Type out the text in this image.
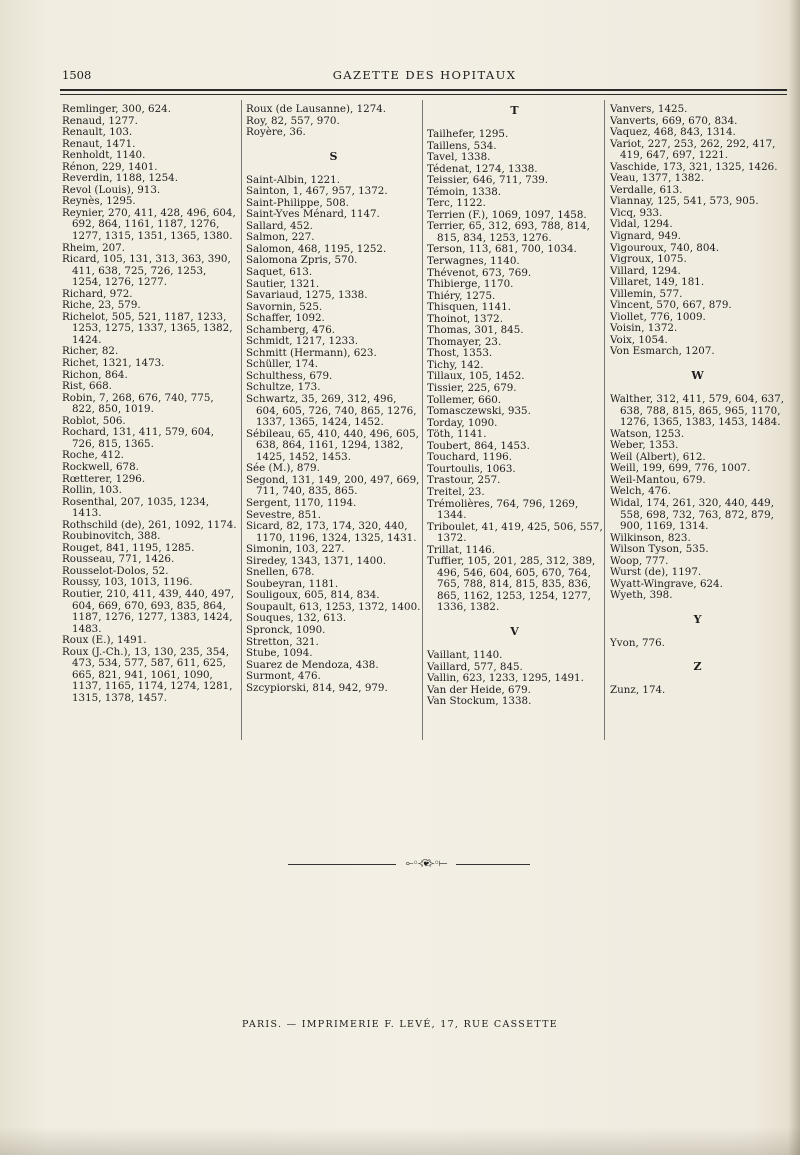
1508	GAZETTE DES HOPITAUX
Remlinger, 300, 624.
Renaud, 1277.
Renault, 103.
Renaut, 1471.
Renholdt, 1140.
Rénon, 229, 1401.
Reverdin, 1188, 1254.
Revol (Louis), 913.
Reynès, 1295.
Reynier, 270, 411, 428, 496, 604, 692, 864, 1161, 1187, 1276, 1277, 1315, 1351, 1365, 1380.
Rheim, 207.
Ricard, 105, 131, 313, 363, 390, 411, 638, 725, 726, 1253, 1254, 1276, 1277.
Richard, 972.
Riche, 23, 579.
Richelot, 505, 521, 1187, 1233, 1253, 1275, 1337, 1365, 1382, 1424.
Richer, 82.
Richet, 1321, 1473.
Richon, 864.
Rist, 668.
Robin, 7, 268, 676, 740, 775, 822, 850, 1019.
Roblot, 506.
Rochard, 131, 411, 579, 604, 726, 815, 1365.
Roche, 412.
Rockwell, 678.
Rœtterer, 1296.
Rollin, 103.
Rosenthal, 207, 1035, 1234, 1413.
Rothschild (de), 261, 1092, 1174.
Roubinovitch, 388.
Rouget, 841, 1195, 1285.
Rousseau, 771, 1426.
Rousselot-Dolos, 52.
Roussy, 103, 1013, 1196.
Routier, 210, 411, 439, 440, 497, 604, 669, 670, 693, 835, 864, 1187, 1276, 1277, 1383, 1424, 1483.
Roux (E.), 1491.
Roux (J.-Ch.), 13, 130, 235, 354, 473, 534, 577, 587, 611, 625, 665, 821, 941, 1061, 1090, 1137, 1165, 1174, 1274, 1281, 1315, 1378, 1457.
Roux (de Lausanne), 1274.
Roy, 82, 557, 970.
Royère, 36.
S
Saint-Albin, 1221.
Sainton, 1, 467, 957, 1372.
Saint-Philippe, 508.
Saint-Yves Ménard, 1147.
Sallard, 452.
Salmon, 227.
Salomon, 468, 1195, 1252.
Salomona Zpris, 570.
Saquet, 613.
Sautier, 1321.
Savariaud, 1275, 1338.
Savornin, 525.
Schaffer, 1092.
Schamberg, 476.
Schmidt, 1217, 1233.
Schmitt (Hermann), 623.
Schüller, 174.
Schulthess, 679.
Schultze, 173.
Schwartz, 35, 269, 312, 496, 604, 605, 726, 740, 865, 1276, 1337, 1365, 1424, 1452.
Sébileau, 65, 410, 440, 496, 605, 638, 864, 1161, 1294, 1382, 1425, 1452, 1453.
Sée (M.), 879.
Segond, 131, 149, 200, 497, 669, 711, 740, 835, 865.
Sergent, 1170, 1194.
Sevestre, 851.
Sicard, 82, 173, 174, 320, 440, 1170, 1196, 1324, 1325, 1431.
Simonin, 103, 227.
Siredey, 1343, 1371, 1400.
Snellen, 678.
Soubeyran, 1181.
Souligoux, 605, 814, 834.
Soupault, 613, 1253, 1372, 1400.
Souques, 132, 613.
Spronck, 1090.
Stretton, 321.
Stube, 1094.
Suarez de Mendoza, 438.
Surmont, 476.
Szcypiorski, 814, 942, 979.
T
Tailhefer, 1295.
Taillens, 534.
Tavel, 1338.
Tédenat, 1274, 1338.
Teissier, 646, 711, 739.
Témoin, 1338.
Terc, 1122.
Terrien (F.), 1069, 1097, 1458.
Terrier, 65, 312, 693, 788, 814, 815, 834, 1253, 1276.
Terson, 113, 681, 700, 1034.
Terwagnes, 1140.
Thévenot, 673, 769.
Thibierge, 1170.
Thiéry, 1275.
Thisquen, 1141.
Thoinot, 1372.
Thomas, 301, 845.
Thomayer, 23.
Thost, 1353.
Tichy, 142.
Tillaux, 105, 1452.
Tissier, 225, 679.
Tollemer, 660.
Tomasczewski, 935.
Torday, 1090.
Töth, 1141.
Toubert, 864, 1453.
Touchard, 1196.
Tourtoulis, 1063.
Trastour, 257.
Treitel, 23.
Trémolières, 764, 796, 1269, 1344.
Triboulet, 41, 419, 425, 506, 557, 1372.
Trillat, 1146.
Tuffier, 105, 201, 285, 312, 389, 496, 546, 604, 605, 670, 764, 765, 788, 814, 815, 835, 836, 865, 1162, 1253, 1254, 1277, 1336, 1382.
V
Vaillant, 1140.
Vaillard, 577, 845.
Vallin, 623, 1233, 1295, 1491.
Van der Heide, 679.
Van Stockum, 1338.
Vanvers, 1425.
Vanverts, 669, 670, 834.
Vaquez, 468, 843, 1314.
Variot, 227, 253, 262, 292, 417, 419, 647, 697, 1221.
Vaschide, 173, 321, 1325, 1426.
Veau, 1377, 1382.
Verdalle, 613.
Viannay, 125, 541, 573, 905.
Vicq, 933.
Vidal, 1294.
Vignard, 949.
Vigouroux, 740, 804.
Vigroux, 1075.
Villard, 1294.
Villaret, 149, 181.
Villemin, 577.
Vincent, 570, 667, 879.
Viollet, 776, 1009.
Voisin, 1372.
Voix, 1054.
Von Esmarch, 1207.
W
Walther, 312, 411, 579, 604, 637, 638, 788, 815, 865, 965, 1170, 1276, 1365, 1383, 1453, 1484.
Watson, 1253.
Weber, 1353.
Weil (Albert), 612.
Weill, 199, 699, 776, 1007.
Weil-Mantou, 679.
Welch, 476.
Widal, 174, 261, 320, 440, 449, 558, 698, 732, 763, 872, 879, 900, 1169, 1314.
Wilkinson, 823.
Wilson Tyson, 535.
Woop, 777.
Wurst (de), 1197.
Wyatt-Wingrave, 624.
Wyeth, 398.
Y
Yvon, 776.
Z
Zunz, 174.
⟜◦⊰❦⊱◦⟝
PARIS. — IMPRIMERIE F. LEVÉ, 17, RUE CASSETTE
